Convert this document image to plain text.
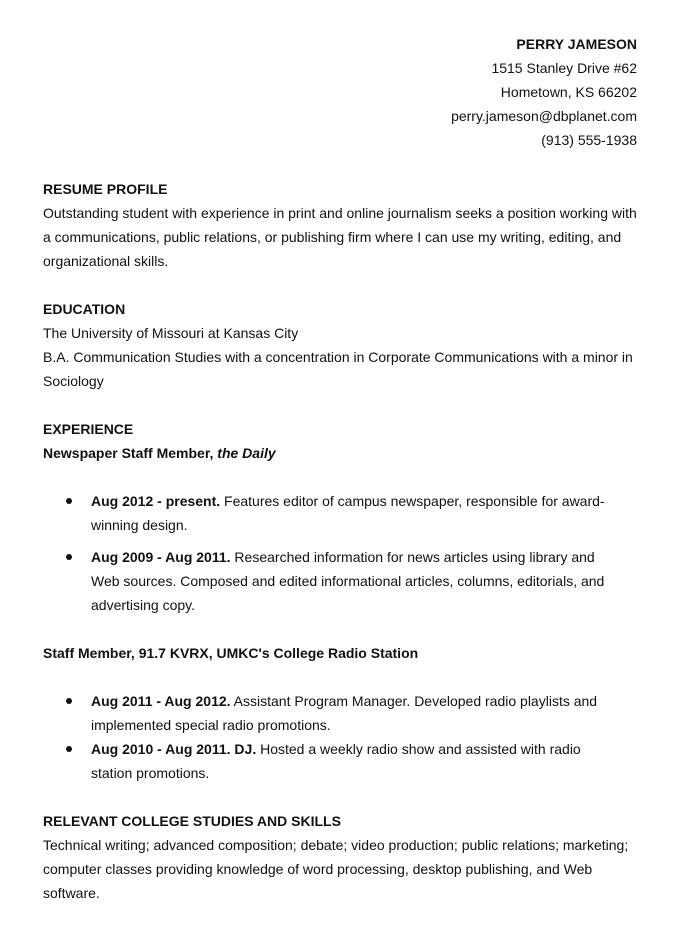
PERRY JAMESON
1515 Stanley Drive #62
Hometown, KS 66202
perry.jameson@dbplanet.com
(913) 555-1938
RESUME PROFILE
Outstanding student with experience in print and online journalism seeks a position working with a communications, public relations, or publishing firm where I can use my writing, editing, and organizational skills.
EDUCATION
The University of Missouri at Kansas City
B.A. Communication Studies with a concentration in Corporate Communications with a minor in Sociology
EXPERIENCE
Newspaper Staff Member, the Daily
Aug 2012 - present. Features editor of campus newspaper, responsible for award-winning design.
Aug 2009 - Aug 2011. Researched information for news articles using library and Web sources. Composed and edited informational articles, columns, editorials, and advertising copy.
Staff Member, 91.7 KVRX, UMKC's College Radio Station
Aug 2011 - Aug 2012. Assistant Program Manager. Developed radio playlists and implemented special radio promotions.
Aug 2010 - Aug 2011. DJ. Hosted a weekly radio show and assisted with radio station promotions.
RELEVANT COLLEGE STUDIES AND SKILLS
Technical writing; advanced composition; debate; video production; public relations; marketing; computer classes providing knowledge of word processing, desktop publishing, and Web software.
